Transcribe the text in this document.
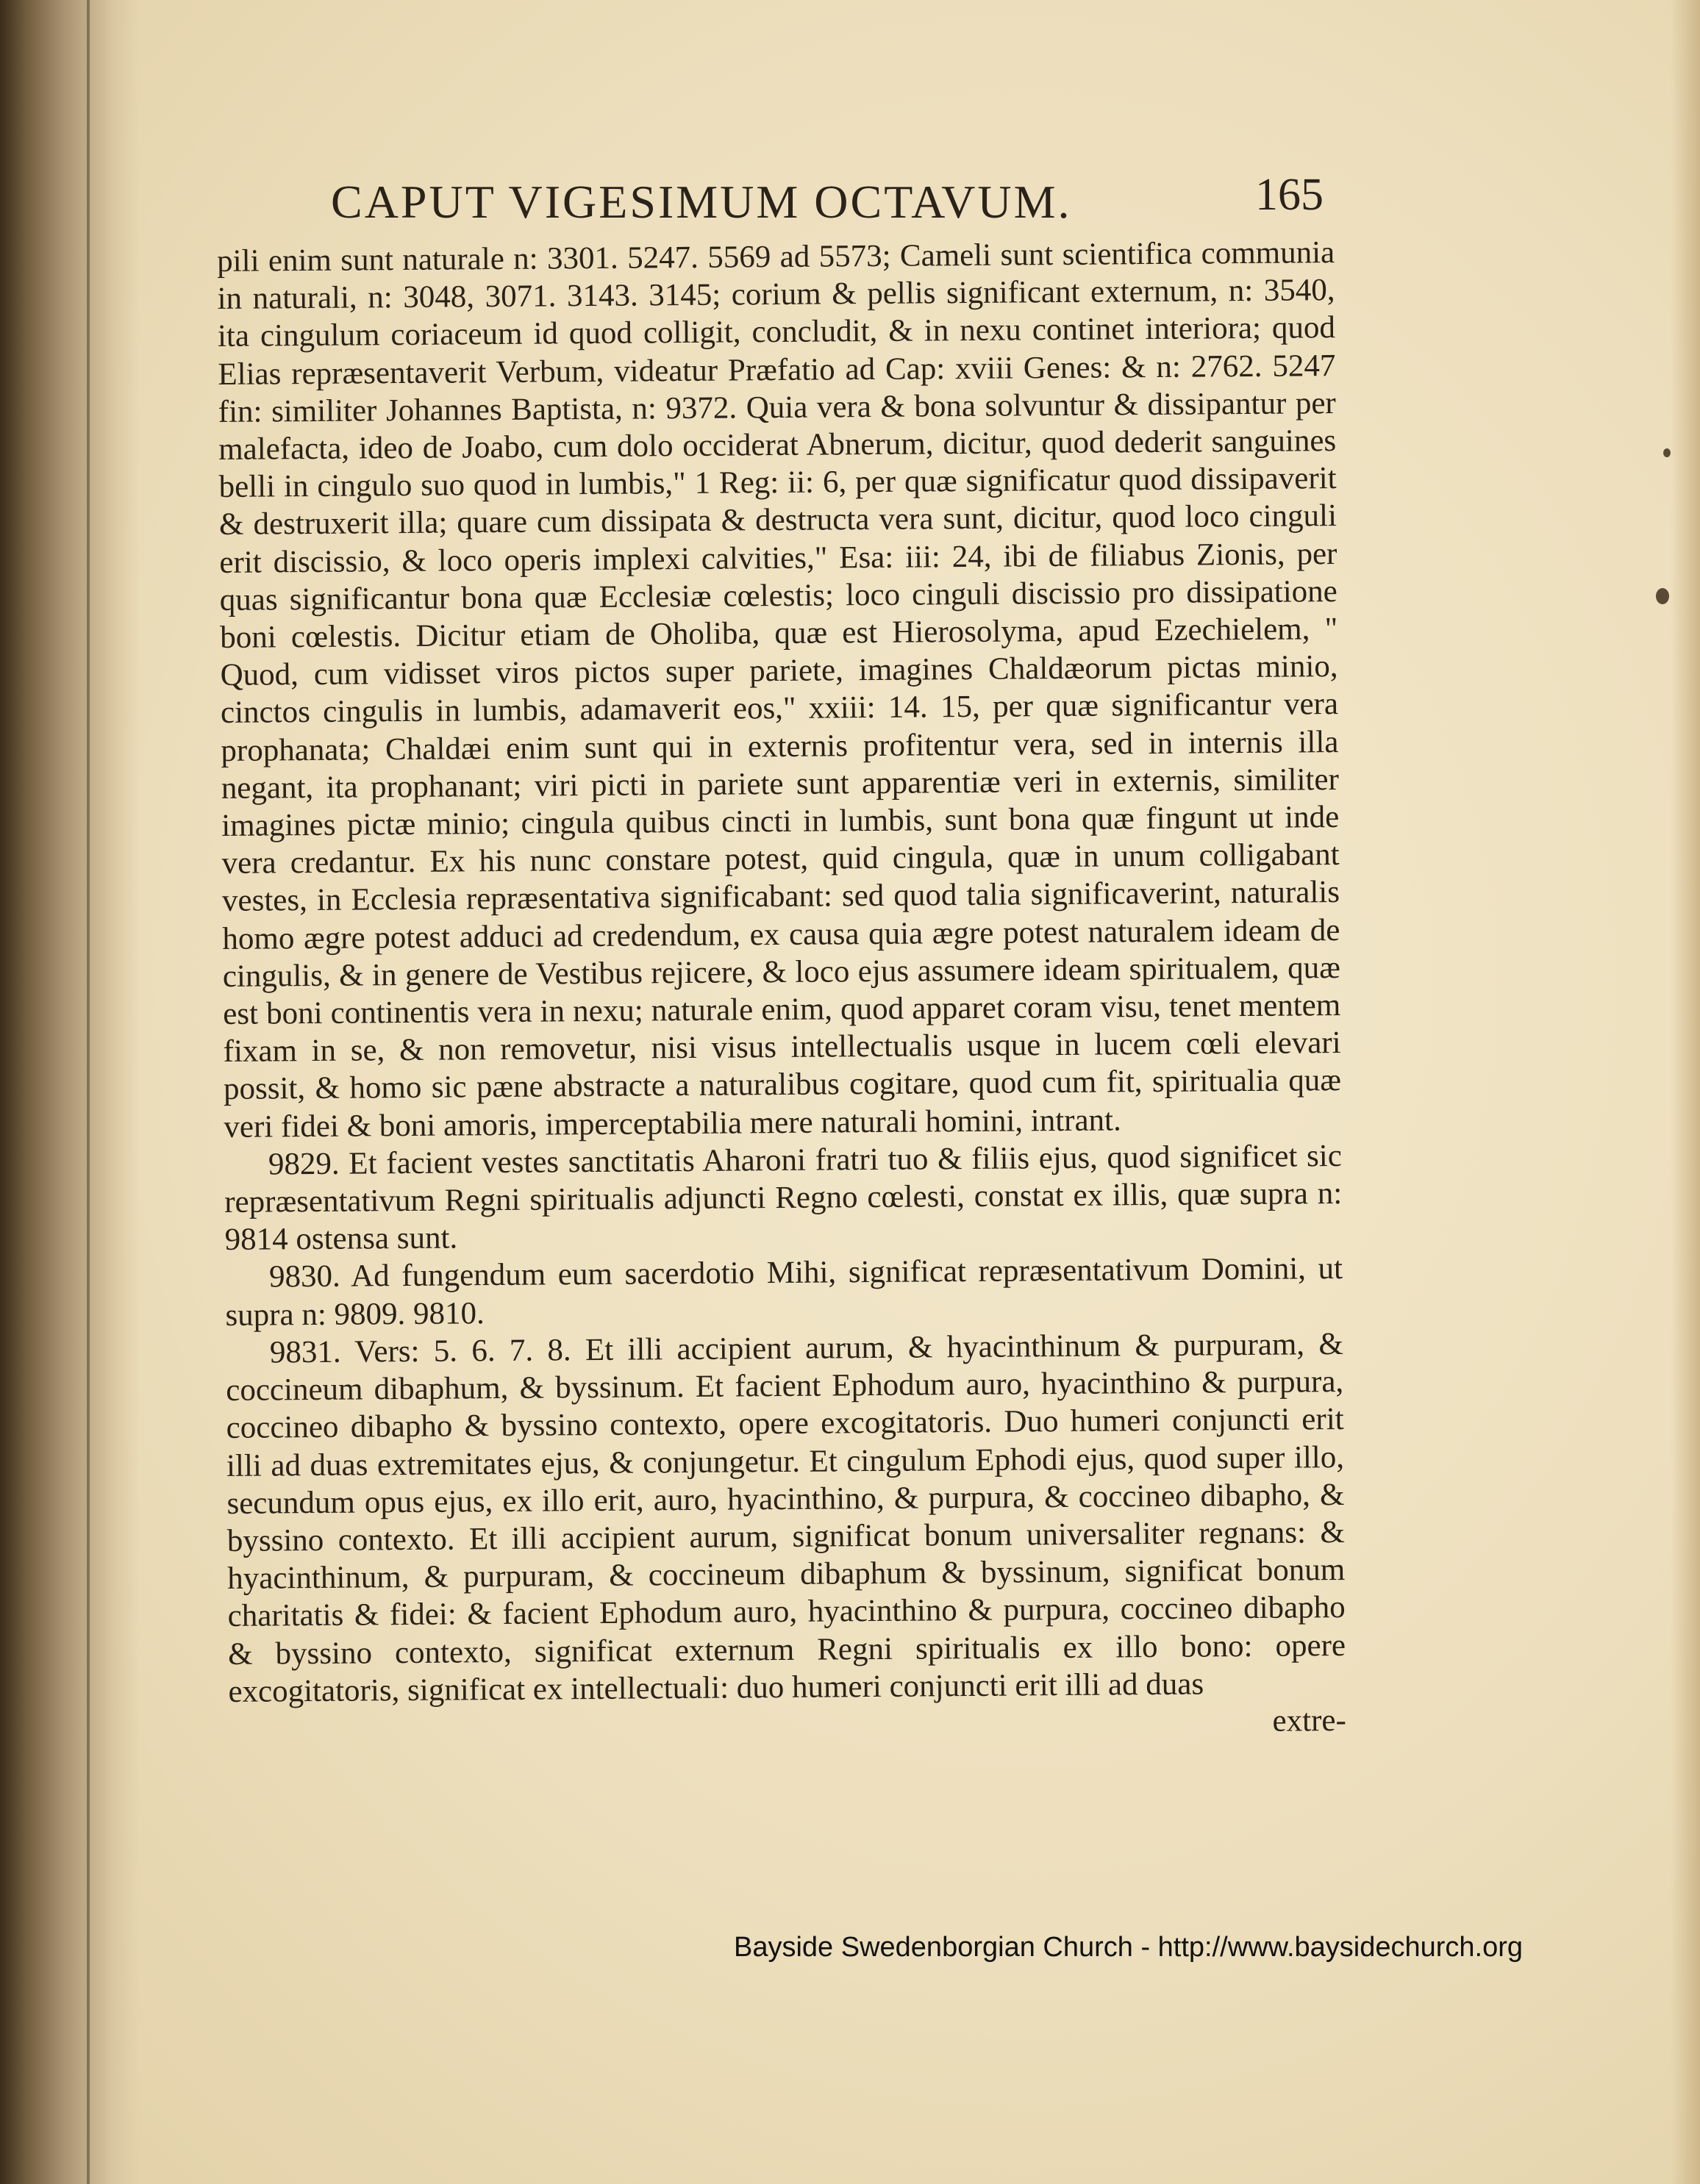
CAPUT VIGESIMUM OCTAVUM.	165

pili enim sunt naturale n: 3301. 5247. 5569 ad 5573; Cameli sunt scientifica communia in naturali, n: 3048, 3071. 3143. 3145; corium & pellis significant externum, n: 3540, ita cingulum coriaceum id quod colligit, concludit, & in nexu continet interiora; quod Elias repræsentaverit Verbum, videatur Præfatio ad Cap: xviii Genes: & n: 2762. 5247 fin: similiter Johannes Baptista, n: 9372. Quia vera & bona solvuntur & dissipantur per malefacta, ideo de Joabo, cum dolo occiderat Abnerum, dicitur, quod dederit sanguines belli in cingulo suo quod in lumbis," 1 Reg: ii: 6, per quæ significatur quod dissipaverit & destruxerit illa; quare cum dissipata & destructa vera sunt, dicitur, quod loco cinguli erit discissio, & loco operis implexi calvities," Esa: iii: 24, ibi de filiabus Zionis, per quas significantur bona quæ Ecclesiæ cœlestis; loco cinguli discissio pro dissipatione boni cœlestis. Dicitur etiam de Oholiba, quæ est Hierosolyma, apud Ezechielem, " Quod, cum vidisset viros pictos super pariete, imagines Chaldæorum pictas minio, cinctos cingulis in lumbis, adamaverit eos," xxiii: 14. 15, per quæ significantur vera prophanata; Chaldæi enim sunt qui in externis profitentur vera, sed in internis illa negant, ita prophanant; viri picti in pariete sunt apparentiæ veri in externis, similiter imagines pictæ minio; cingula quibus cincti in lumbis, sunt bona quæ fingunt ut inde vera credantur. Ex his nunc constare potest, quid cingula, quæ in unum colligabant vestes, in Ecclesia repræsentativa significabant: sed quod talia significaverint, naturalis homo ægre potest adduci ad credendum, ex causa quia ægre potest naturalem ideam de cingulis, & in genere de Vestibus rejicere, & loco ejus assumere ideam spiritualem, quæ est boni continentis vera in nexu; naturale enim, quod apparet coram visu, tenet mentem fixam in se, & non removetur, nisi visus intellectualis usque in lucem cœli elevari possit, & homo sic pæne abstracte a naturalibus cogitare, quod cum fit, spiritualia quæ veri fidei & boni amoris, imperceptabilia mere naturali homini, intrant.

9829. Et facient vestes sanctitatis Aharoni fratri tuo & filiis ejus, quod significet sic repræsentativum Regni spiritualis adjuncti Regno cœlesti, constat ex illis, quæ supra n: 9814 ostensa sunt.

9830. Ad fungendum eum sacerdotio Mihi, significat repræsentativum Domini, ut supra n: 9809. 9810.

9831. Vers: 5. 6. 7. 8. Et illi accipient aurum, & hyacinthinum & purpuram, & coccineum dibaphum, & byssinum. Et facient Ephodum auro, hyacinthino & purpura, coccineo dibapho & byssino contexto, opere excogitatoris. Duo humeri conjuncti erit illi ad duas extremitates ejus, & conjungetur. Et cingulum Ephodi ejus, quod super illo, secundum opus ejus, ex illo erit, auro, hyacinthino, & purpura, & coccineo dibapho, & byssino contexto. Et illi accipient aurum, significat bonum universaliter regnans: & hyacinthinum, & purpuram, & coccineum dibaphum & byssinum, significat bonum charitatis & fidei: & facient Ephodum auro, hyacinthino & purpura, coccineo dibapho & byssino contexto, significat externum Regni spiritualis ex illo bono: opere excogitatoris, significat ex intellectuali: duo humeri conjuncti erit illi ad duas

extre-

Bayside Swedenborgian Church - http://www.baysidechurch.org
